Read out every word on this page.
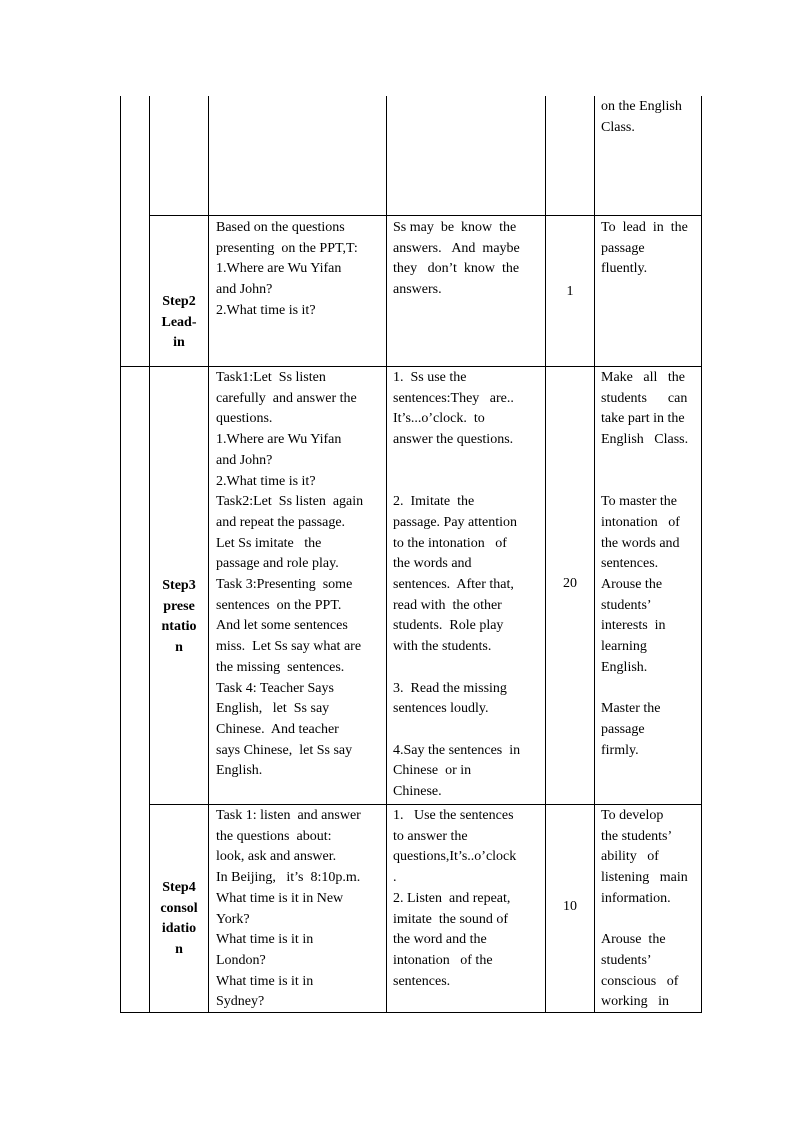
on the English
Class.
Step2
Lead-
in
Based on the questions
presenting  on the PPT,T:
1.Where are Wu Yifan
and John?
2.What time is it?
Ss may  be  know  the
answers.   And  maybe
they   don’t  know  the
answers.	1
To  lead  in  the
passage
fluently.
Step3
prese
ntatio
n
Task1:Let  Ss listen
carefully  and answer the
questions.
1.Where are Wu Yifan
and John?
2.What time is it?
Task2:Let  Ss listen  again
and repeat the passage.
Let Ss imitate   the
passage and role play.
Task 3:Presenting  some
sentences  on the PPT.
And let some sentences
miss.  Let Ss say what are
the missing  sentences.
Task 4: Teacher Says
English,   let  Ss say
Chinese.  And teacher
says Chinese,  let Ss say
English.
1.  Ss use the
sentences:They   are..
It’s...o’clock.  to
answer the questions.
2.  Imitate  the
passage. Pay attention
to the intonation   of
the words and
sentences.  After that,
read with  the other
students.  Role play
with the students.
3.  Read the missing
sentences loudly.
4.Say the sentences  in
Chinese  or in
Chinese.
20
Make   all   the
students      can
take part in the
English   Class.
To master the
intonation   of
the words and
sentences.
Arouse the
students’
interests  in
learning
English.
Master the
passage
firmly.
Step4
consol
idatio
n
Task 1: listen  and answer
the questions  about:
look, ask and answer.
In Beijing,   it’s  8:10p.m.
What time is it in New
York?
What time is it in
London?
What time is it in
Sydney?
1.   Use the sentences
to answer the
questions,It’s..o’clock
.
2. Listen  and repeat,
imitate  the sound of
the word and the
intonation   of the
sentences.
10
To develop
the students’
ability   of
listening   main
information.
Arouse  the
students’
conscious   of
working   in
